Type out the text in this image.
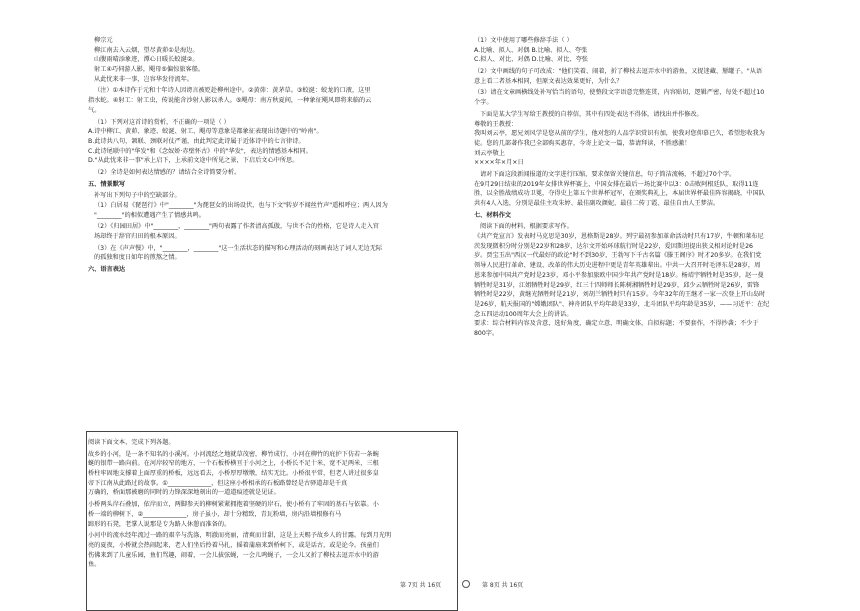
柳宗元
柳江南去入云烟，望尽黄茆①是海边。
山腹雨晴添象迹，潭心日暖长蛟涎②。
射工④巧伺游人影，飓母⑤偏惊旅客船。
从此忧来非一事，岂容华发待流年。
（注）①本诗作于元和十年诗人因谤言被贬赴柳州途中。②黄茆：黄茅草。③蛟涎：蛟龙的口液，这里
指水蛇。④射工：射工虫，传说能含沙射人影以杀人。⑤飓母：南方秋夏间，一种象征飓风即将来临的云
气。
（1）下列对这首诗的赏析，不正确的一项是（ ）
A.诗中柳江、黄茆、象迹、蛟涎、射工、飓母等意象是都象征表现出诗题中的"岭南"。
B.此诗共八句，颔联、颈联对仗严谨，由此判定此诗属于近体诗中的七言律诗。
C.此诗尾联中的"华发"和《念奴娇·赤壁怀古》中的"华发"，表达的情感基本相同。
D."从此忧来非一事"承上启下，上承前文途中所见之景，下启后文心中所思。
（2）全诗是如何表达情感的？请结合全诗简要分析。
五、情景默写
补写出下列句子中的空缺部分。
（1）白居易《琵琶行》中"________"为琵琶女的出场设伏，也与下文"转岁不闻丝竹声"遥相呼应；两人因为
"________"的相似遭遇产生了情感共鸣。
（2）《归园田居》中"________，________"两句表露了作者清高孤傲，与世不合的性格，它是诗人走入官
场却终于辞官归田的根本原因。
（3）在《声声慢》中，"________，________"这一生活状态的描写和心理活动的刻画表达了词人无边无际
的孤独和度日如年的煎熬之情。
六、语言表达
阅读下面文本，完成下列各题。
故乡的小河，是一条不知名的小溪河。小河流经之地就草茂密，柳竹成行，小河在柳竹的庇护下仿若一条蜿
蜒的银带一路向前。在河岸较窄的地方，一个石板桥横亘于小河之上，小桥长不足十米，宽不足两米，三根
桥柱牢固地支撑着上面厚重的桥板，远远看去，小桥厚厚墩墩，结实无比。小桥很平常，但老人讲过很多皇
帝下江南从此路过的故事。①______________，但这座小桥相承的石板路曾经是古驿道却是千真
万确的，桥面那被磨的同时的力锋深深地刻出的一道道痕迹就是见证。
小桥两头岸石叠加，依岸而立，两脚参天的柳树紧紧拥抱着坚硬的岸石，使小桥有了牢固的基石与依靠。小
桥一端的柳树下，②______________，房子虽小，却十分精致，青瓦粉墙，房内沿墙根修有马
蹄形的石凳，老掌人说那是专为路人休憩而准备的。
小河中的流水经年流过一路的艰辛与洗涤，明澈而亮丽，清爽而甘甜，这是上天赐予故乡人的甘露。每到月光明
亮的夏夜，小桥就会热闹起来，老人们坐后拎着马扎，摇着蒲扇来到桥柯下，或是话古，或是论今。孩童们
伤佛来到了儿童乐园，鱼们骂趣，闹着，一会儿拔弦蝇，一会儿鸣蝇子，一会儿又折了柳枝去逗弄水中的游
鱼。
（1）文中使用了哪些修辞手法（ ）
A.比喻、拟人、对偶 B.比喻、拟人、夸张
C.拟人、对比、对偶 D.比喻、对比、夸张
（2）文中画线的句子可改成："他们笑着、闹着，折了柳枝去逗弄水中的游鱼，又捉迷藏、掰罐子。"从语
意上看二者基本相同，但原文表达效果更好，为什么？
（3）请在文章画横线处补写恰当的语句，使整段文字语意完整连贯，内容贴切，逻辑严密，每处不超过10
个字。
下面是某大学生写给王教授的自荐信，其中有四处表达不得体，请找出并作修改。
尊敬的王教授：
我叫刘云亭，愿兄刘风学是您从前的学生，他对您的人品学识赏识有加，使我对您仰慕已久，希望您收我为
徒。您的几部著作我已全部购买惠存，今寄上论文一篇，恭请拜读，不胜感激！
刘云亭敬上
××××年×月×日
请对下面这段新闻报道的文字进行压缩，要求保留关键信息，句子简洁流畅，不超过70个字。
在9月29日结束的2019年女排世界杯赛上，中国女排在最后一场比赛中以3：0击败阿根廷队，取得11连
胜，以全胜战绩成功卫冕，夺得史上第五个世界杯冠军，在颁奖典礼上，本届世界杯最佳阵容揭晓，中国队
共有4人入选，分别是最佳主攻朱婷、最佳副攻颜妮、最佳二传丁霞、最佳自由人王梦洁。
七、材料作文
阅读下面的材料，根据要求写作。
《共产党宣言》发表时马克思是30岁，恩格斯是28岁。列宁最初参加革命活动时只有17岁，牛顿和莱布尼
茨发现微积分时分别是22岁和28岁，达尔文开始环球航行时是22岁，爱因斯坦提出狭义相对论时是26
岁。贾宝玉出"西汉一代最好的政论"时不到30岁，王勃写下千古名篇《滕王阁序》时才20多岁。在我们党
领导人民进行革命、建设、改革的伟大历史进程中更是青年英雄辈出。中共一大召开时毛泽东是28岁，周
恩来参加中国共产党时是23岁，邓小平参加旅欧中国少年共产党时是18岁。杨靖宇牺牲时是35岁，赵一曼
牺牲时是31岁，江姐牺牲时是29岁，红三十四师师长陈树湘牺牲时是29岁，邱少云牺牲时是26岁，雷锋
牺牲时是22岁，黄继光牺牲时是21岁，刘胡兰牺牲时只有15岁。今年32年的王继才一家一次登上开山岛时
是26岁，航天报国的"嫦娥团队"、神舟团队平均年龄是33岁，北斗团队平均年龄是35岁，——习近平：在纪
念五四运动100周年大会上的讲话。
要求：综合材料内容及含意，选好角度，确定立意，明确文体，自拟标题；不要套作，不得抄袭；不少于
800字。
第 7页 共 16页	第 8页 共 16页
